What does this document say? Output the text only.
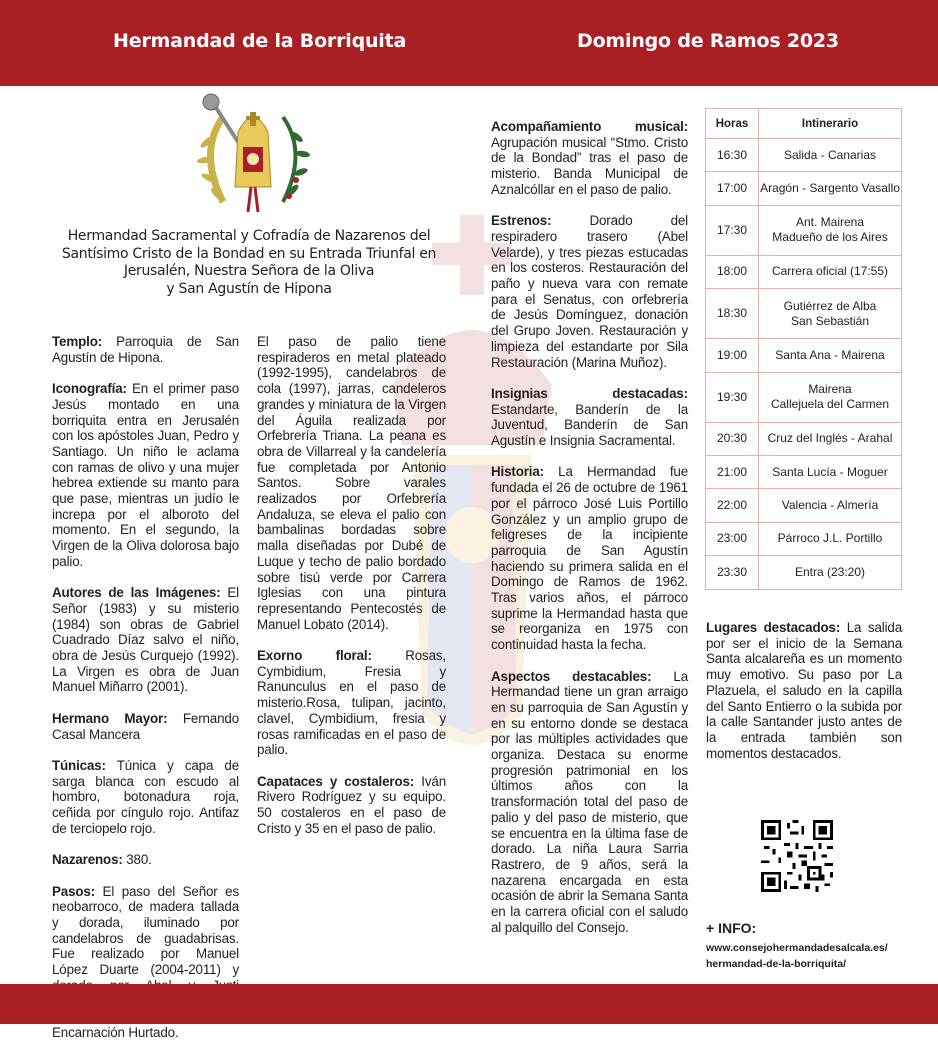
Hermandad de la Borriquita	Domingo de Ramos 2023
Hermandad Sacramental y Cofradía de Nazarenos del
Santísimo Cristo de la Bondad en su Entrada Triunfal en
Jerusalén, Nuestra Señora de la Oliva
y San Agustín de Hipona

Templo: Parroquia de San Agustín de Hipona.

Iconografía: En el primer paso Jesús montado en una borriquita entra en Jerusalén con los apóstoles Juan, Pedro y Santiago. Un niño le aclama con ramas de olivo y una mujer hebrea extiende su manto para que pase, mientras un judío le increpa por el alboroto del momento. En el segundo, la Virgen de la Oliva dolorosa bajo palio.

Autores de las Imágenes: El Señor (1983) y su misterio (1984) son obras de Gabriel Cuadrado Díaz salvo el niño, obra de Jesús Curquejo (1992). La Virgen es obra de Juan Manuel Miñarro (2001).

Hermano Mayor: Fernando Casal Mancera

Túnicas: Túnica y capa de sarga blanca con escudo al hombro, botonadura roja, ceñida por cíngulo rojo. Antifaz de terciopelo rojo.

Nazarenos: 380.

Pasos: El paso del Señor es neobarroco, de madera tallada y dorada, iluminado por candelabros de guadabrisas. Fue realizado por Manuel López Duarte (2004-2011) y Encarnación Hurtado.

El paso de palio tiene respiraderos en metal plateado (1992-1995), candelabros de cola (1997), jarras, candeleros grandes y miniatura de la Virgen del Águila realizada por Orfebrería Triana. La peana es obra de Villarreal y la candelería fue completada por Antonio Santos. Sobre varales realizados por Orfebrería Andaluza, se eleva el palio con bambalinas bordadas sobre malla diseñadas por Dubé de Luque y techo de palio bordado sobre tisú verde por Carrera Iglesias con una pintura representando Pentecostés de Manuel Lobato (2014).

Exorno floral: Rosas, Cymbidium, Fresia y Ranunculus en el paso de misterio.Rosa, tulipan, jacinto, clavel, Cymbidium, fresia y rosas ramificadas en el paso de palio.

Capataces y costaleros: Iván Rivero Rodríguez y su equipo. 50 costaleros en el paso de Cristo y 35 en el paso de palio.

Acompañamiento musical: Agrupación musical “Stmo. Cristo de la Bondad” tras el paso de misterio. Banda Municipal de Aznalcóllar en el paso de palio.

Estrenos: Dorado del respiradero trasero (Abel Velarde), y tres piezas estucadas en los costeros. Restauración del paño y nueva vara con remate para el Senatus, con orfebrería de Jesús Domínguez, donación del Grupo Joven. Restauración y limpieza del estandarte por Sila Restauración (Marina Muñoz).

Insignias destacadas: Estandarte, Banderín de la Juventud, Banderín de San Agustín e Insignia Sacramental.

Historia: La Hermandad fue fundada el 26 de octubre de 1961 por el párroco José Luis Portillo González y un amplio grupo de feligreses de la incipiente parroquia de San Agustín haciendo su primera salida en el Domingo de Ramos de 1962. Tras varios años, el párroco suprime la Hermandad hasta que se reorganiza en 1975 con continuidad hasta la fecha.

Aspectos destacables: La Hermandad tiene un gran arraigo en su parroquia de San Agustín y en su entorno donde se destaca por las múltiples actividades que organiza. Destaca su enorme progresión patrimonial en los últimos años con la transformación total del paso de palio y del paso de misterio, que se encuentra en la última fase de dorado. La niña Laura Sarria Rastrero, de 9 años, será la nazarena encargada en esta ocasión de abrir la Semana Santa en la carrera oficial con el saludo al palquillo del Consejo.

Horas	Intinerario
16:30	Salida - Canarias
17:00	Aragón - Sargento Vasallo
17:30	Ant. Mairena
Madueño de los Aires

18:00	Carrera oficial (17:55)
18:30	Gutiérrez de Alba
San Sebastián

19:00	Santa Ana - Mairena
19:30	Mairena
Callejuela del Carmen

20:30	Cruz del Inglés - Arahal
21:00	Santa Lucía - Moguer
22:00	Valencia - Almería
23:00	Párroco J.L. Portillo
23:30	Entra (23:20)

Lugares destacados: La salida por ser el inicio de la Semana Santa alcalareña es un momento muy emotivo. Su paso por La Plazuela, el saludo en la capilla del Santo Entierro o la subida por la calle Santander justo antes de la entrada también son momentos destacados.

+ INFO:
www.consejohermandadesalcala.es/
hermandad-de-la-borriquita/
